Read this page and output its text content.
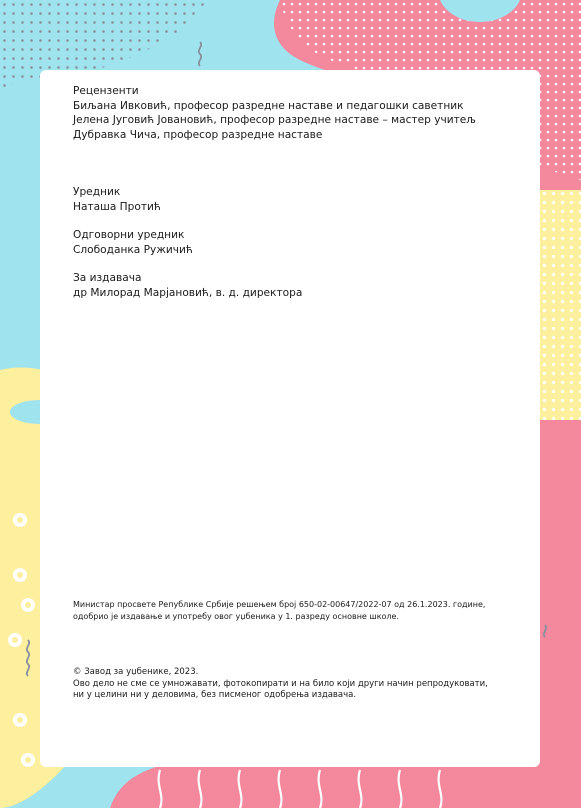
Рецензенти

Биљана Ивковић, професор разредне наставе и педагошки саветник

Јелена Југовић Јовановић, професор разредне наставе – мастер учитељ

Дубравка Чича, професор разредне наставе

Уредник

Наташа Протић

Одговорни уредник

Слободанка Ружичић

За издавача

др Милорад Марјановић, в. д. директора

Министар просвете Републике Србије решењем број 650-02-00647/2022-07 од 26.1.2023. године,

одобрио је издавање и употребу овог уџбеника у 1. разреду основне школе.

© Завод за уџбенике, 2023.

Ово дело не сме се умножавати, фотокопирати и на било који други начин репродуковати,

ни у целини ни у деловима, без писменог одобрења издавача.
